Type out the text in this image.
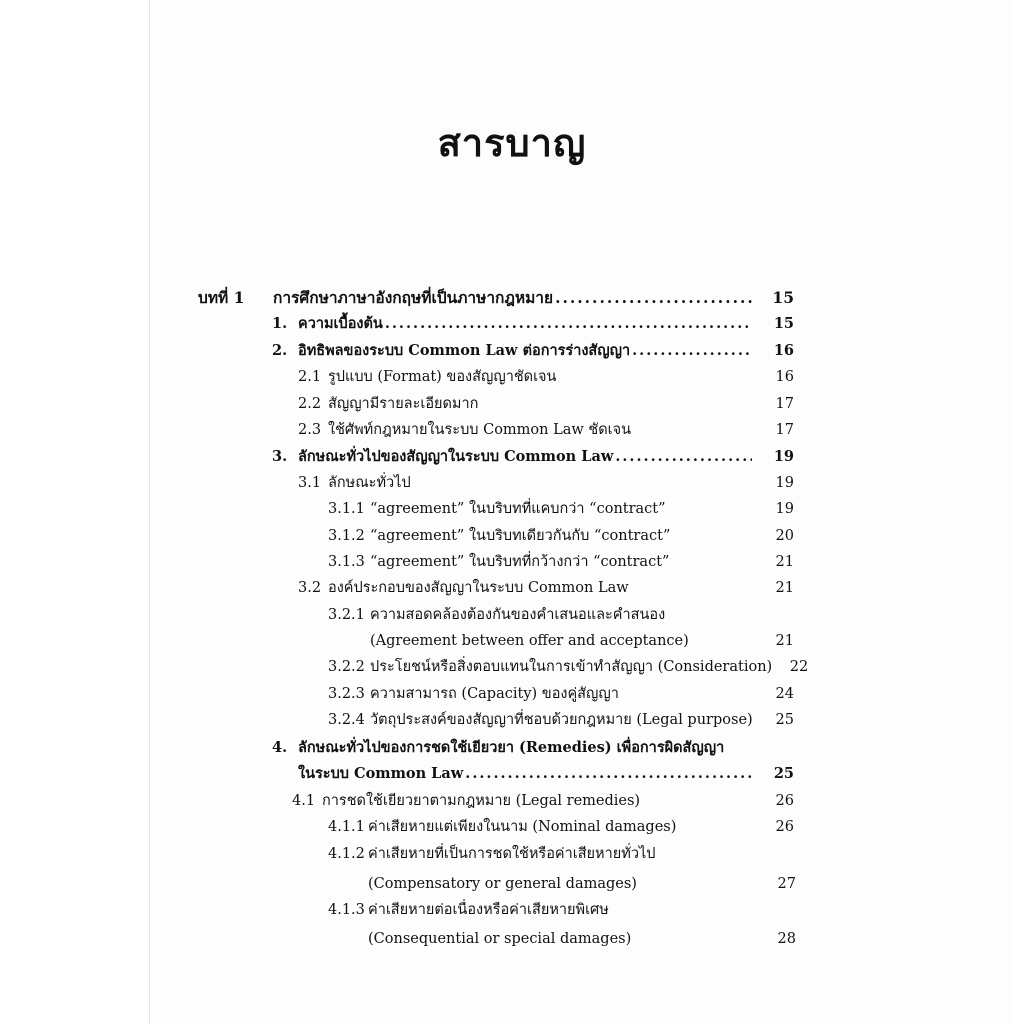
สารบาญ
บทที่ 1	การศึกษาภาษาอังกฤษที่เป็นภาษากฎหมาย .....	15
1. ความเบื้องต้น .....	15
2. อิทธิพลของระบบ Common Law ต่อการร่างสัญญา .....	16
2.1 รูปแบบ (Format) ของสัญญาชัดเจน	16
2.2 สัญญามีรายละเอียดมาก	17
2.3 ใช้ศัพท์กฎหมายในระบบ Common Law ชัดเจน	17
3. ลักษณะทั่วไปของสัญญาในระบบ Common Law .....	19
3.1 ลักษณะทั่วไป	19
3.1.1 “agreement” ในบริบทที่แคบกว่า “contract”	19
3.1.2 “agreement” ในบริบทเดียวกันกับ “contract”	20
3.1.3 “agreement” ในบริบทที่กว้างกว่า “contract”	21
3.2 องค์ประกอบของสัญญาในระบบ Common Law	21
3.2.1 ความสอดคล้องต้องกันของคำเสนอและคำสนอง
(Agreement between offer and acceptance)	21
3.2.2 ประโยชน์หรือสิ่งตอบแทนในการเข้าทำสัญญา (Consideration)	22
3.2.3 ความสามารถ (Capacity) ของคู่สัญญา	24
3.2.4 วัตถุประสงค์ของสัญญาที่ชอบด้วยกฎหมาย (Legal purpose)	25
4. ลักษณะทั่วไปของการชดใช้เยียวยา (Remedies) เพื่อการผิดสัญญา
ในระบบ Common Law .....	25
4.1 การชดใช้เยียวยาตามกฎหมาย (Legal remedies)	26
4.1.1 ค่าเสียหายแต่เพียงในนาม (Nominal damages)	26
4.1.2 ค่าเสียหายที่เป็นการชดใช้หรือค่าเสียหายทั่วไป
(Compensatory or general damages)	27
4.1.3 ค่าเสียหายต่อเนื่องหรือค่าเสียหายพิเศษ
(Consequential or special damages)	28
